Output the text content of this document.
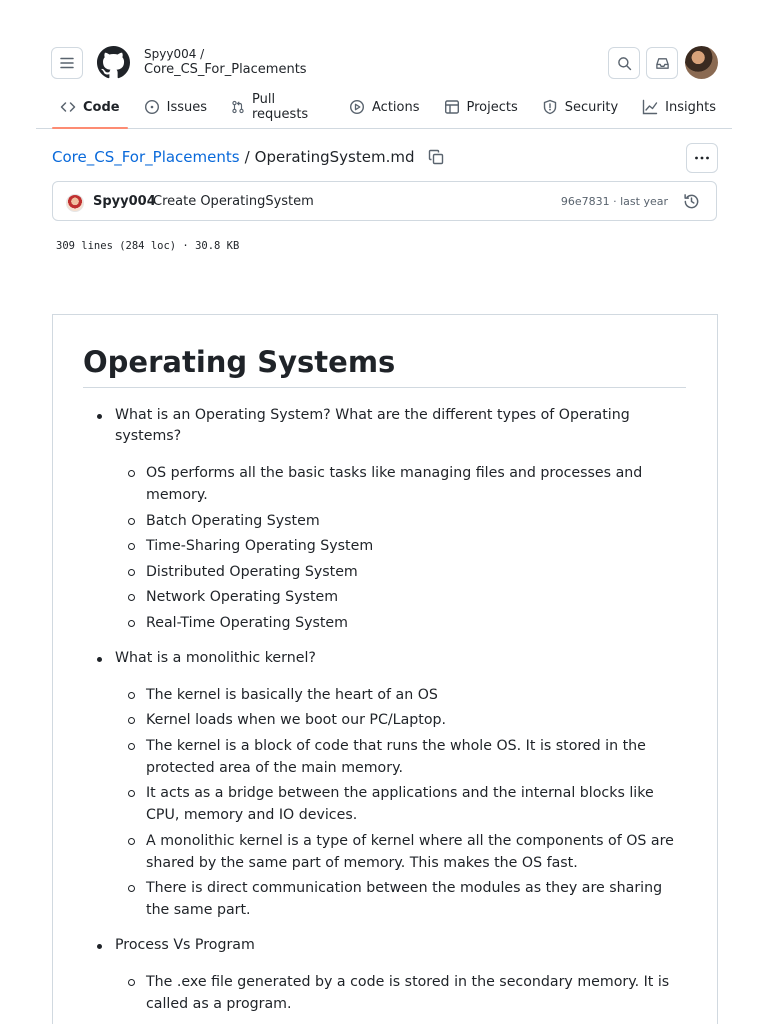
Spyy004 /
Core_CS_For_Placements
Code	Issues	Pull requests	Actions	Projects	Security	Insights
Core_CS_For_Placements / OperatingSystem.md
Spyy004
Create OperatingSystem	96e7831 · last year
309 lines (284 loc) · 30.8 KB
Operating Systems
What is an Operating System? What are the different types of Operating systems?
OS performs all the basic tasks like managing files and processes and memory.
Batch Operating System
Time-Sharing Operating System
Distributed Operating System
Network Operating System
Real-Time Operating System
What is a monolithic kernel?
The kernel is basically the heart of an OS
Kernel loads when we boot our PC/Laptop.
The kernel is a block of code that runs the whole OS. It is stored in the protected area of the main memory.
It acts as a bridge between the applications and the internal blocks like CPU, memory and IO devices.
A monolithic kernel is a type of kernel where all the components of OS are shared by the same part of memory. This makes the OS fast.
There is direct communication between the modules as they are sharing the same part.
Process Vs Program
The .exe file generated by a code is stored in the secondary memory. It is called as a program.
